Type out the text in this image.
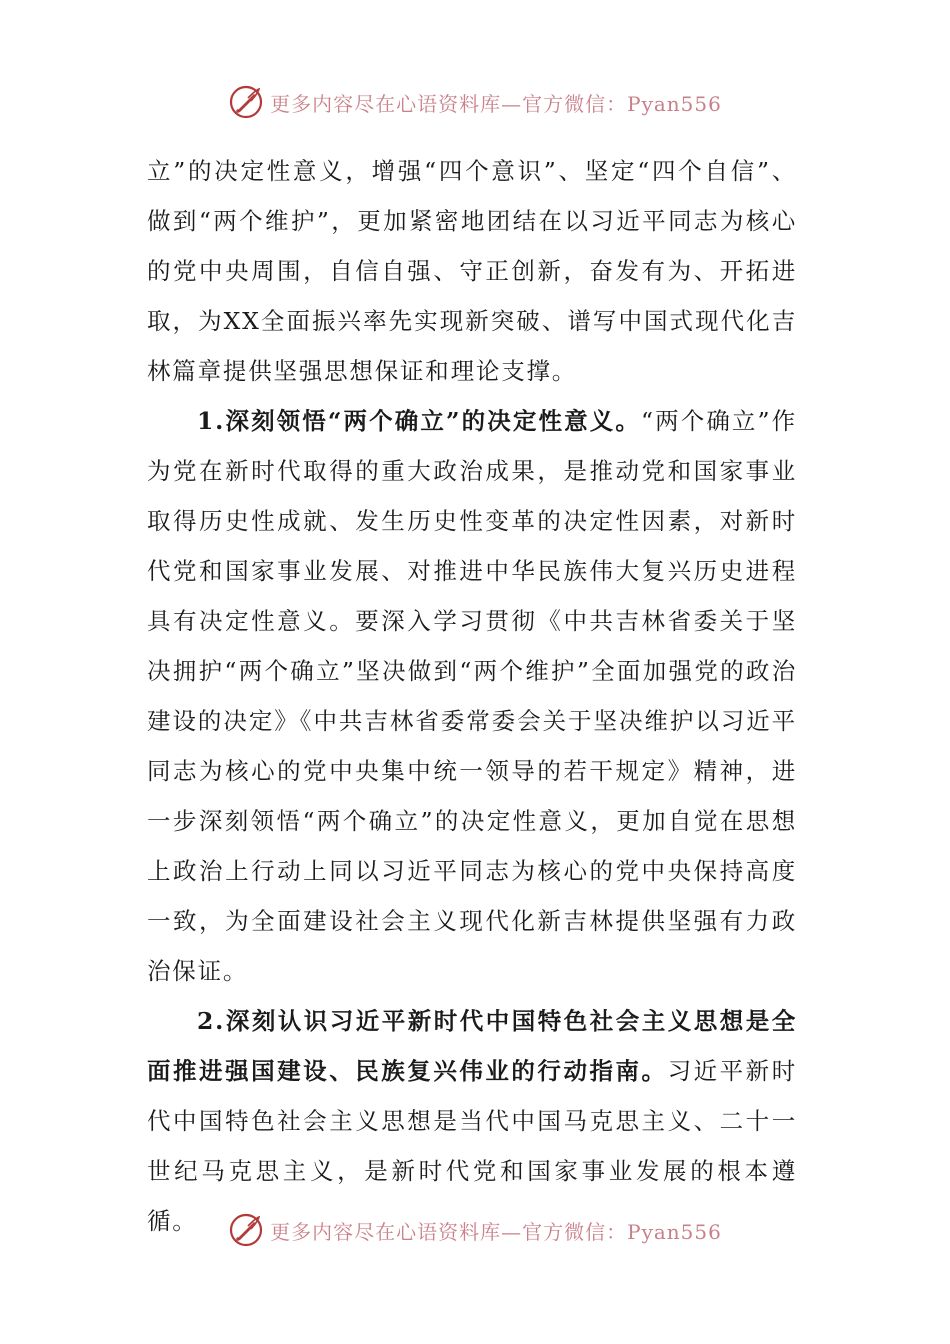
更多内容尽在心语资料库—官方微信：Pyan556

立”的决定性意义，增强“四个意识”、坚定“四个自信”、做到“两个维护”，更加紧密地团结在以习近平同志为核心的党中央周围，自信自强、守正创新，奋发有为、开拓进取，为XX全面振兴率先实现新突破、谱写中国式现代化吉林篇章提供坚强思想保证和理论支撑。

1.深刻领悟“两个确立”的决定性意义。“两个确立”作为党在新时代取得的重大政治成果，是推动党和国家事业取得历史性成就、发生历史性变革的决定性因素，对新时代党和国家事业发展、对推进中华民族伟大复兴历史进程具有决定性意义。要深入学习贯彻《中共吉林省委关于坚决拥护“两个确立”坚决做到“两个维护”全面加强党的政治建设的决定》《中共吉林省委常委会关于坚决维护以习近平同志为核心的党中央集中统一领导的若干规定》精神，进一步深刻领悟“两个确立”的决定性意义，更加自觉在思想上政治上行动上同以习近平同志为核心的党中央保持高度一致，为全面建设社会主义现代化新吉林提供坚强有力政治保证。

2.深刻认识习近平新时代中国特色社会主义思想是全面推进强国建设、民族复兴伟业的行动指南。习近平新时代中国特色社会主义思想是当代中国马克思主义、二十一世纪马克思主义，是新时代党和国家事业发展的根本遵循。	更多内容尽在心语资料库—官方微信：Pyan556
